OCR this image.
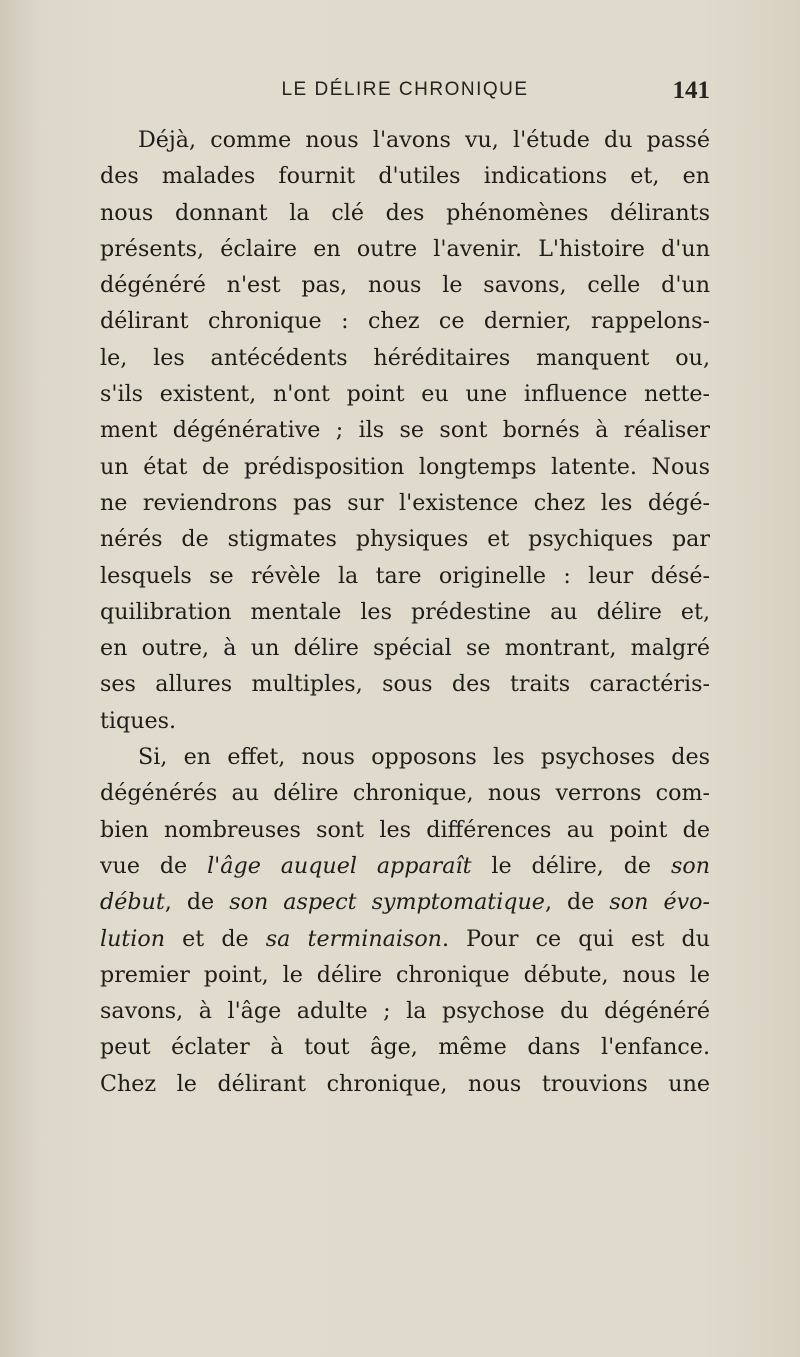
LE DÉLIRE CHRONIQUE	141
Déjà, comme nous l'avons vu, l'étude du passé
des malades fournit d'utiles indications et, en
nous donnant la clé des phénomènes délirants
présents, éclaire en outre l'avenir. L'histoire d'un
dégénéré n'est pas, nous le savons, celle d'un
délirant chronique : chez ce dernier, rappelons-
le, les antécédents héréditaires manquent ou,
s'ils existent, n'ont point eu une influence nette-
ment dégénérative ; ils se sont bornés à réaliser
un état de prédisposition longtemps latente. Nous
ne reviendrons pas sur l'existence chez les dégé-
nérés de stigmates physiques et psychiques par
lesquels se révèle la tare originelle : leur désé-
quilibration mentale les prédestine au délire et,
en outre, à un délire spécial se montrant, malgré
ses allures multiples, sous des traits caractéris-
tiques.
Si, en effet, nous opposons les psychoses des
dégénérés au délire chronique, nous verrons com-
bien nombreuses sont les différences au point de
vue de l'âge auquel apparaît le délire, de son
début, de son aspect symptomatique, de son évo-
lution et de sa terminaison. Pour ce qui est du
premier point, le délire chronique débute, nous le
savons, à l'âge adulte ; la psychose du dégénéré
peut éclater à tout âge, même dans l'enfance.
Chez le délirant chronique, nous trouvions une
